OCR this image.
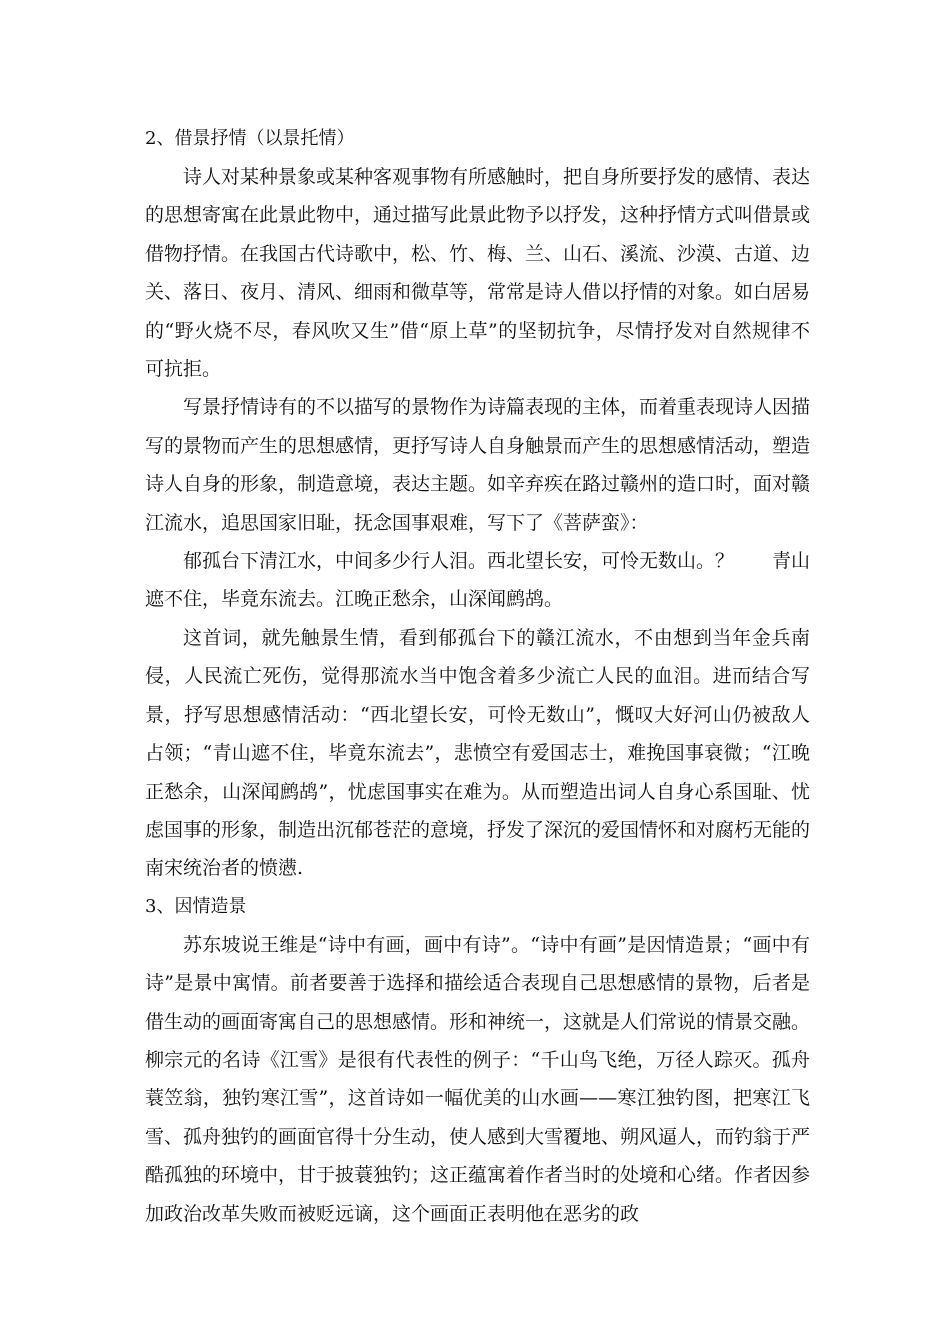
2、借景抒情（以景托情）

诗人对某种景象或某种客观事物有所感触时，把自身所要抒发的感情、表达的思想寄寓在此景此物中，通过描写此景此物予以抒发，这种抒情方式叫借景或借物抒情。在我国古代诗歌中，松、竹、梅、兰、山石、溪流、沙漠、古道、边关、落日、夜月、清风、细雨和微草等，常常是诗人借以抒情的对象。如白居易的“野火烧不尽，春风吹又生”借“原上草”的坚韧抗争，尽情抒发对自然规律不可抗拒。

写景抒情诗有的不以描写的景物作为诗篇表现的主体，而着重表现诗人因描写的景物而产生的思想感情，更抒写诗人自身触景而产生的思想感情活动，塑造诗人自身的形象，制造意境，表达主题。如辛弃疾在路过赣州的造口时，面对赣江流水，追思国家旧耻，抚念国事艰难，写下了《菩萨蛮》：

郁孤台下清江水，中间多少行人泪。西北望长安，可怜无数山。？　　青山遮不住，毕竟东流去。江晚正愁余，山深闻鹧鸪。

这首词，就先触景生情，看到郁孤台下的赣江流水，不由想到当年金兵南侵，人民流亡死伤，觉得那流水当中饱含着多少流亡人民的血泪。进而结合写景，抒写思想感情活动：“西北望长安，可怜无数山”，慨叹大好河山仍被敌人占领；“青山遮不住，毕竟东流去”，悲愤空有爱国志士，难挽国事衰微；“江晚正愁余，山深闻鹧鸪”，忧虑国事实在难为。从而塑造出词人自身心系国耻、忧虑国事的形象，制造出沉郁苍茫的意境，抒发了深沉的爱国情怀和对腐朽无能的南宋统治者的愤懑.

3、因情造景

苏东坡说王维是“诗中有画，画中有诗”。“诗中有画”是因情造景；“画中有诗”是景中寓情。前者要善于选择和描绘适合表现自己思想感情的景物，后者是借生动的画面寄寓自己的思想感情。形和神统一，这就是人们常说的情景交融。柳宗元的名诗《江雪》是很有代表性的例子：“千山鸟飞绝，万径人踪灭。孤舟蓑笠翁，独钓寒江雪”，这首诗如一幅优美的山水画——寒江独钓图，把寒江飞雪、孤舟独钓的画面官得十分生动，使人感到大雪覆地、朔风逼人，而钓翁于严酷孤独的环境中，甘于披蓑独钓；这正蕴寓着作者当时的处境和心绪。作者因参加政治改革失败而被贬远谪，这个画面正表明他在恶劣的政
